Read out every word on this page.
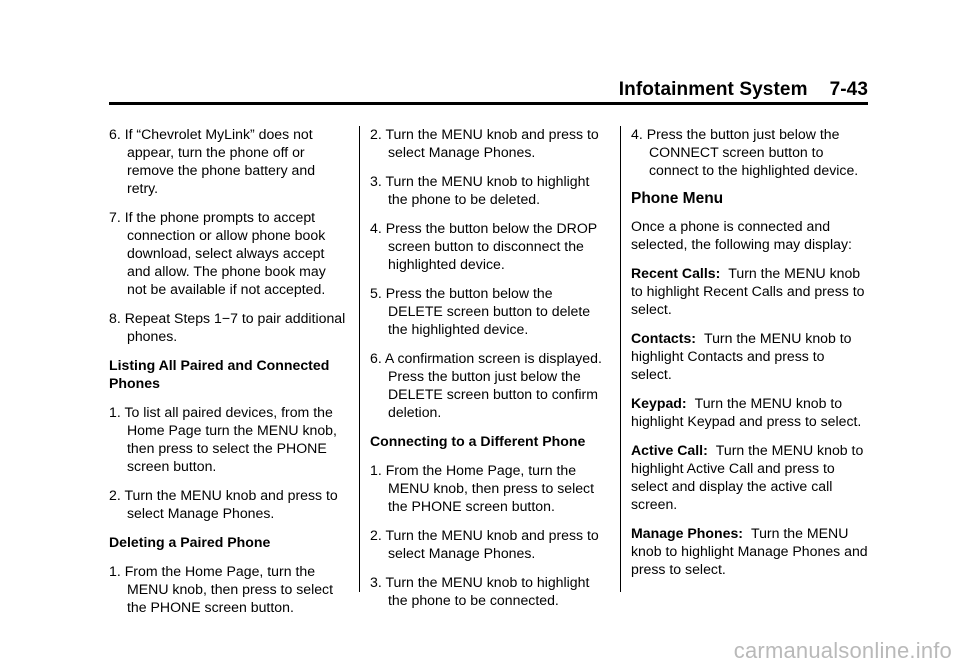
Infotainment System 7-43

6. If “Chevrolet MyLink” does not appear, turn the phone off or remove the phone battery and retry.

7. If the phone prompts to accept connection or allow phone book download, select always accept and allow. The phone book may not be available if not accepted.

8. Repeat Steps 1−7 to pair additional phones.

Listing All Paired and Connected Phones

1. To list all paired devices, from the Home Page turn the MENU knob, then press to select the PHONE screen button.

2. Turn the MENU knob and press to select Manage Phones.

Deleting a Paired Phone

1. From the Home Page, turn the MENU knob, then press to select the PHONE screen button.

2. Turn the MENU knob and press to select Manage Phones.

3. Turn the MENU knob to highlight the phone to be deleted.

4. Press the button below the DROP screen button to disconnect the highlighted device.

5. Press the button below the DELETE screen button to delete the highlighted device.

6. A confirmation screen is displayed. Press the button just below the DELETE screen button to confirm deletion.

Connecting to a Different Phone

1. From the Home Page, turn the MENU knob, then press to select the PHONE screen button.

2. Turn the MENU knob and press to select Manage Phones.

3. Turn the MENU knob to highlight the phone to be connected.

4. Press the button just below the CONNECT screen button to connect to the highlighted device.

Phone Menu

Once a phone is connected and selected, the following may display:

Recent Calls: Turn the MENU knob to highlight Recent Calls and press to select.

Contacts: Turn the MENU knob to highlight Contacts and press to select.

Keypad: Turn the MENU knob to highlight Keypad and press to select.

Active Call: Turn the MENU knob to highlight Active Call and press to select and display the active call screen.

Manage Phones: Turn the MENU knob to highlight Manage Phones and press to select.

carmanualsonline.info
